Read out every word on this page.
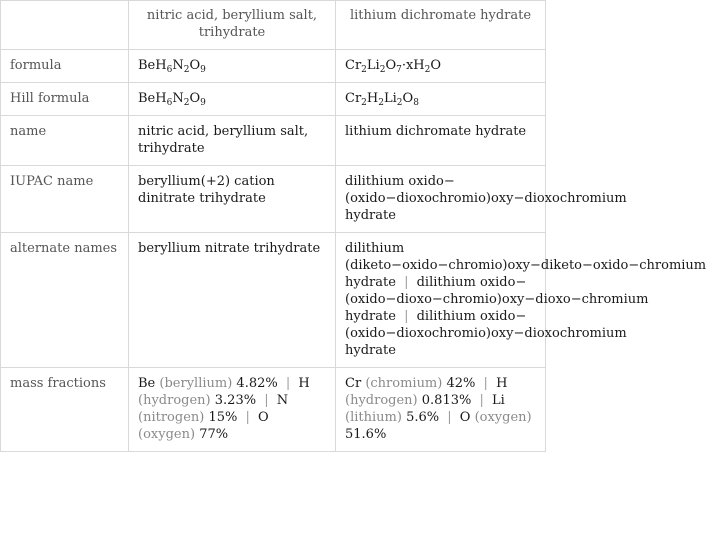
	nitric acid, beryllium salt, trihydrate	lithium dichromate hydrate
formula	$BeH_6N_2O_9$	$Cr_2Li_2O_7\cdot xH_2O$
Hill formula	$BeH_6N_2O_9$	$Cr_2H_2Li_2O_8$
name	nitric acid, beryllium salt, trihydrate	lithium dichromate hydrate
IUPAC name	beryllium(+2) cation dinitrate trihydrate	dilithium oxido−(oxido−dioxochromio)oxy−dioxochromium hydrate
alternate names	beryllium nitrate trihydrate	dilithium (diketo−oxido−chromio)oxy−diketo−oxido−chromium hydrate | dilithium oxido−(oxido−dioxo−chromio)oxy−dioxo−chromium hydrate | dilithium oxido−(oxido−dioxochromio)oxy−dioxochromium hydrate
mass fractions	Be (beryllium) 4.82% | H (hydrogen) 3.23% | N (nitrogen) 15% | O (oxygen) 77%	Cr (chromium) 42% | H (hydrogen) 0.813% | Li (lithium) 5.6% | O (oxygen) 51.6%
